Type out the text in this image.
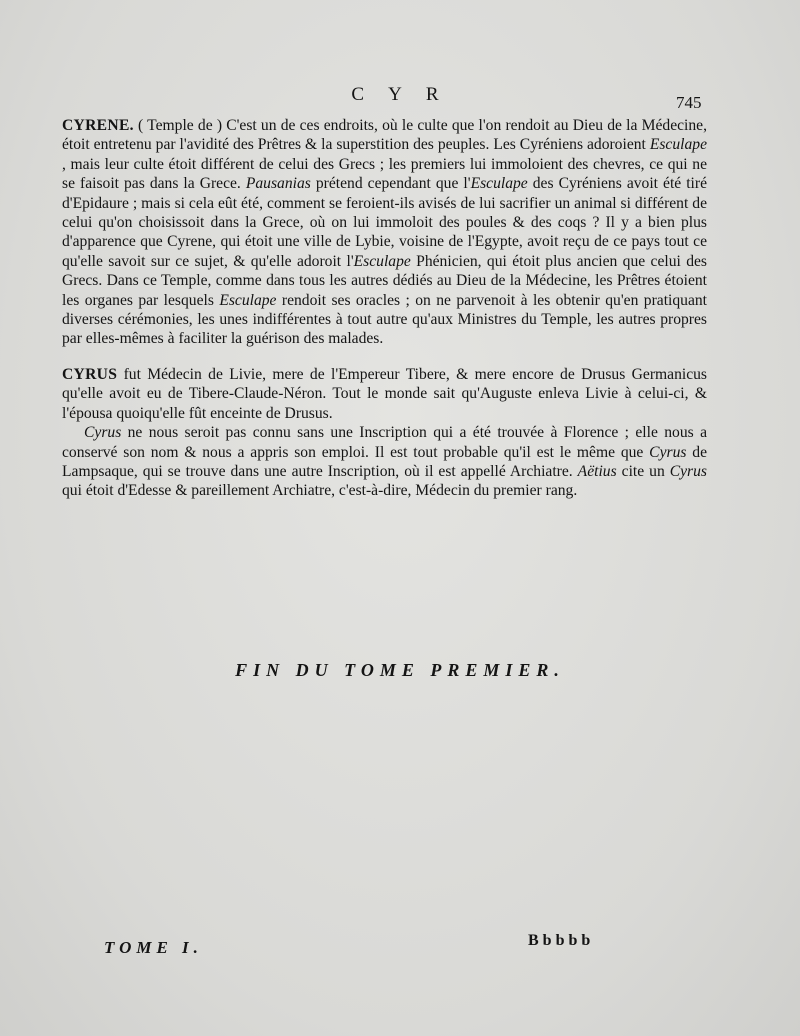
C Y R	745

CYRENE. ( Temple de ) C'est un de ces endroits, où le culte que l'on rendoit au Dieu de la Médecine, étoit entretenu par l'avidité des Prêtres & la superstition des peuples. Les Cyréniens adoroient Esculape , mais leur culte étoit différent de celui des Grecs ; les premiers lui immoloient des chevres, ce qui ne se faisoit pas dans la Grece. Pausanias prétend cependant que l'Esculape des Cyréniens avoit été tiré d'Epidaure ; mais si cela eût été, comment se feroient-ils avisés de lui sacrifier un animal si différent de celui qu'on choisissoit dans la Grece, où on lui immoloit des poules & des coqs ? Il y a bien plus d'apparence que Cyrene, qui étoit une ville de Lybie, voisine de l'Egypte, avoit reçu de ce pays tout ce qu'elle savoit sur ce sujet, & qu'elle adoroit l'Esculape Phénicien, qui étoit plus ancien que celui des Grecs. Dans ce Temple, comme dans tous les autres dédiés au Dieu de la Médecine, les Prêtres étoient les organes par lesquels Esculape rendoit ses oracles ; on ne parvenoit à les obtenir qu'en pratiquant diverses cérémonies, les unes indifférentes à tout autre qu'aux Ministres du Temple, les autres propres par elles-mêmes à faciliter la guérison des malades.

CYRUS fut Médecin de Livie, mere de l'Empereur Tibere, & mere encore de Drusus Germanicus qu'elle avoit eu de Tibere-Claude-Néron. Tout le monde sait qu'Auguste enleva Livie à celui-ci, & l'épousa quoiqu'elle fût enceinte de Drusus.

Cyrus ne nous seroit pas connu sans une Inscription qui a été trouvée à Florence ; elle nous a conservé son nom & nous a appris son emploi. Il est tout probable qu'il est le même que Cyrus de Lampsaque, qui se trouve dans une autre Inscription, où il est appellé Archiatre. Aëtius cite un Cyrus qui étoit d'Edesse & pareillement Archiatre, c'est-à-dire, Médecin du premier rang.

FIN DU TOME PREMIER.
TOME I.	Bbbbb
